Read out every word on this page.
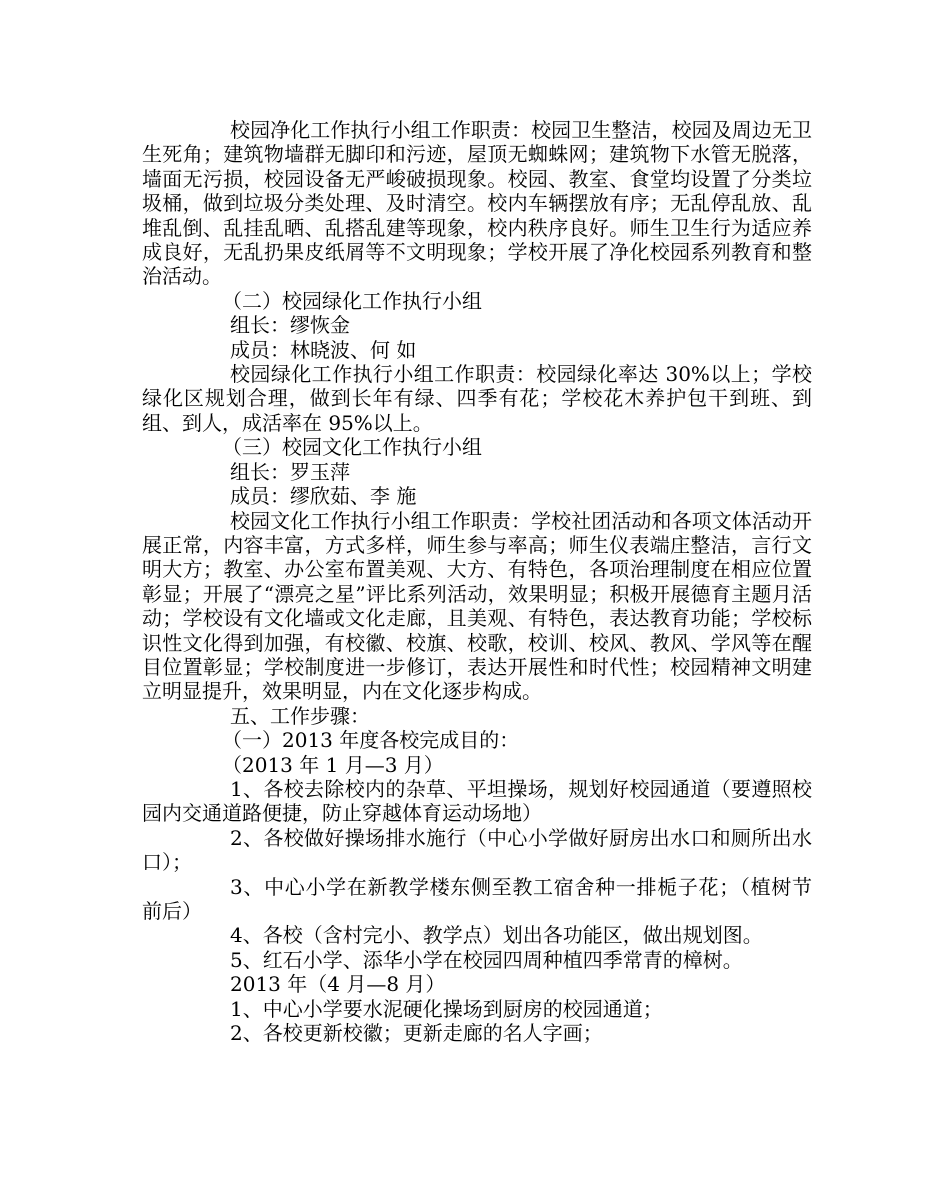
校园净化工作执行小组工作职责：校园卫生整洁，校园及周边无卫生死角；建筑物墙群无脚印和污迹，屋顶无蜘蛛网；建筑物下水管无脱落，墙面无污损，校园设备无严峻破损现象。校园、教室、食堂均设置了分类垃圾桶，做到垃圾分类处理、及时清空。校内车辆摆放有序；无乱停乱放、乱堆乱倒、乱挂乱晒、乱搭乱建等现象，校内秩序良好。师生卫生行为适应养成良好，无乱扔果皮纸屑等不文明现象；学校开展了净化校园系列教育和整治活动。

（二）校园绿化工作执行小组

组长：缪恢金

成员：林晓波、何 如

校园绿化工作执行小组工作职责：校园绿化率达 30%以上；学校绿化区规划合理，做到长年有绿、四季有花；学校花木养护包干到班、到组、到人，成活率在 95%以上。

（三）校园文化工作执行小组

组长：罗玉萍

成员：缪欣茹、李 施

校园文化工作执行小组工作职责：学校社团活动和各项文体活动开展正常，内容丰富，方式多样，师生参与率高；师生仪表端庄整洁，言行文明大方；教室、办公室布置美观、大方、有特色，各项治理制度在相应位置彰显；开展了“漂亮之星”评比系列活动，效果明显；积极开展德育主题月活动；学校设有文化墙或文化走廊，且美观、有特色，表达教育功能；学校标识性文化得到加强，有校徽、校旗、校歌，校训、校风、教风、学风等在醒目位置彰显；学校制度进一步修订，表达开展性和时代性；校园精神文明建立明显提升，效果明显，内在文化逐步构成。

五、工作步骤：

（一）2013 年度各校完成目的：

（2013 年 1 月—3 月）

1、各校去除校内的杂草、平坦操场，规划好校园通道（要遵照校园内交通道路便捷，防止穿越体育运动场地）

2、各校做好操场排水施行（中心小学做好厨房出水口和厕所出水口）；

3、中心小学在新教学楼东侧至教工宿舍种一排栀子花；（植树节前后）

4、各校（含村完小、教学点）划出各功能区，做出规划图。

5、红石小学、添华小学在校园四周种植四季常青的樟树。

2013 年（4 月—8 月）

1、中心小学要水泥硬化操场到厨房的校园通道；

2、各校更新校徽；更新走廊的名人字画；
